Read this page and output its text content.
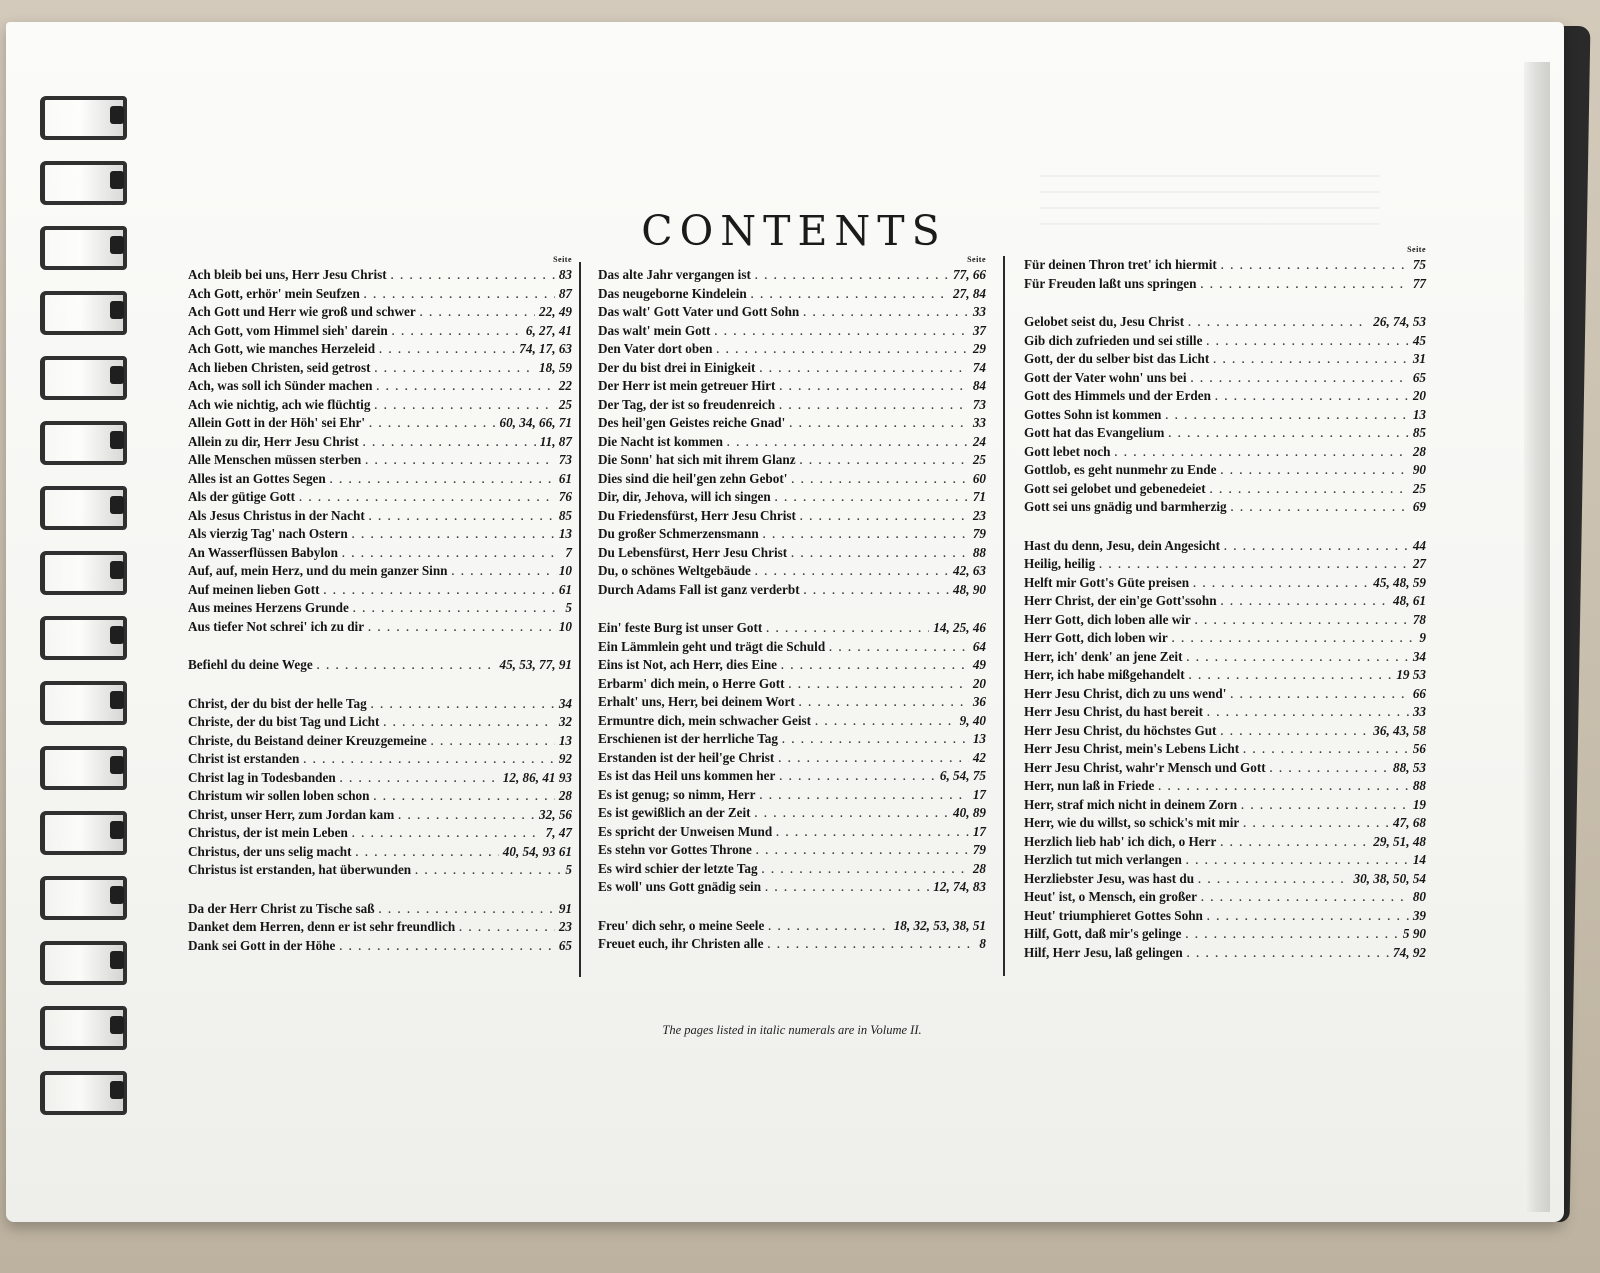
CONTENTS
Seite
Ach bleib bei uns, Herr Jesu Christ . . .	83
Ach Gott, erhör' mein Seufzen . . .	87
Ach Gott und Herr wie groß und schwer . . .	22, 49
Ach Gott, vom Himmel sieh' darein . . .	6, 27, 41
Ach Gott, wie manches Herzeleid . . .	74, 17, 63
Ach lieben Christen, seid getrost . . .	18, 59
Ach, was soll ich Sünder machen . . .	22
Ach wie nichtig, ach wie flüchtig . . .	25
Allein Gott in der Höh' sei Ehr' . . .	60, 34, 66, 71
Allein zu dir, Herr Jesu Christ . . .	11, 87
Alle Menschen müssen sterben . . .	73
Alles ist an Gottes Segen . . .	61
Als der gütige Gott . . .	76
Als Jesus Christus in der Nacht . . .	85
Als vierzig Tag' nach Ostern . . .	13
An Wasserflüssen Babylon . . .	7
Auf, auf, mein Herz, und du mein ganzer Sinn . . .	10
Auf meinen lieben Gott . . .	61
Aus meines Herzens Grunde . . .	5
Aus tiefer Not schrei' ich zu dir . . .	10
Befiehl du deine Wege . . .	45, 53, 77, 91
Christ, der du bist der helle Tag . . .	34
Christe, der du bist Tag und Licht . . .	32
Christe, du Beistand deiner Kreuzgemeine . . .	13
Christ ist erstanden . . .	92
Christ lag in Todesbanden . . .	12, 86, 41 93
Christum wir sollen loben schon . . .	28
Christ, unser Herr, zum Jordan kam . . .	32, 56
Christus, der ist mein Leben . . .	7, 47
Christus, der uns selig macht . . .	40, 54, 93 61
Christus ist erstanden, hat überwunden . . .	5
Da der Herr Christ zu Tische saß . . .	91
Danket dem Herren, denn er ist sehr freundlich . . .	23
Dank sei Gott in der Höhe . . .	65
Seite
Das alte Jahr vergangen ist . . .	77, 66
Das neugeborne Kindelein . . .	27, 84
Das walt' Gott Vater und Gott Sohn . . .	33
Das walt' mein Gott . . .	37
Den Vater dort oben . . .	29
Der du bist drei in Einigkeit . . .	74
Der Herr ist mein getreuer Hirt . . .	84
Der Tag, der ist so freudenreich . . .	73
Des heil'gen Geistes reiche Gnad' . . .	33
Die Nacht ist kommen . . .	24
Die Sonn' hat sich mit ihrem Glanz . . .	25
Dies sind die heil'gen zehn Gebot' . . .	60
Dir, dir, Jehova, will ich singen . . .	71
Du Friedensfürst, Herr Jesu Christ . . .	23
Du großer Schmerzensmann . . .	79
Du Lebensfürst, Herr Jesu Christ . . .	88
Du, o schönes Weltgebäude . . .	42, 63
Durch Adams Fall ist ganz verderbt . . .	48, 90
Ein' feste Burg ist unser Gott . . .	14, 25, 46
Ein Lämmlein geht und trägt die Schuld . . .	64
Eins ist Not, ach Herr, dies Eine . . .	49
Erbarm' dich mein, o Herre Gott . . .	20
Erhalt' uns, Herr, bei deinem Wort . . .	36
Ermuntre dich, mein schwacher Geist . . .	9, 40
Erschienen ist der herrliche Tag . . .	13
Erstanden ist der heil'ge Christ . . .	42
Es ist das Heil uns kommen her . . .	6, 54, 75
Es ist genug; so nimm, Herr . . .	17
Es ist gewißlich an der Zeit . . .	40, 89
Es spricht der Unweisen Mund . . .	17
Es stehn vor Gottes Throne . . .	79
Es wird schier der letzte Tag . . .	28
Es woll' uns Gott gnädig sein . . .	12, 74, 83
Freu' dich sehr, o meine Seele . . .	18, 32, 53, 38, 51
Freuet euch, ihr Christen alle . . .	8
Seite
Für deinen Thron tret' ich hiermit . . .	75
Für Freuden laßt uns springen . . .	77
Gelobet seist du, Jesu Christ . . .	26, 74, 53
Gib dich zufrieden und sei stille . . .	45
Gott, der du selber bist das Licht . . .	31
Gott der Vater wohn' uns bei . . .	65
Gott des Himmels und der Erden . . .	20
Gottes Sohn ist kommen . . .	13
Gott hat das Evangelium . . .	85
Gott lebet noch . . .	28
Gottlob, es geht nunmehr zu Ende . . .	90
Gott sei gelobet und gebenedeiet . . .	25
Gott sei uns gnädig und barmherzig . . .	69
Hast du denn, Jesu, dein Angesicht . . .	44
Heilig, heilig . . .	27
Helft mir Gott's Güte preisen . . .	45, 48, 59
Herr Christ, der ein'ge Gott'ssohn . . .	48, 61
Herr Gott, dich loben alle wir . . .	78
Herr Gott, dich loben wir . . .	9
Herr, ich' denk' an jene Zeit . . .	34
Herr, ich habe mißgehandelt . . .	19 53
Herr Jesu Christ, dich zu uns wend' . . .	66
Herr Jesu Christ, du hast bereit . . .	33
Herr Jesu Christ, du höchstes Gut . . .	36, 43, 58
Herr Jesu Christ, mein's Lebens Licht . . .	56
Herr Jesu Christ, wahr'r Mensch und Gott . . .	88, 53
Herr, nun laß in Friede . . .	88
Herr, straf mich nicht in deinem Zorn . . .	19
Herr, wie du willst, so schick's mit mir . . .	47, 68
Herzlich lieb hab' ich dich, o Herr . . .	29, 51, 48
Herzlich tut mich verlangen . . .	14
Herzliebster Jesu, was hast du . . .	30, 38, 50, 54
Heut' ist, o Mensch, ein großer . . .	80
Heut' triumphieret Gottes Sohn . . .	39
Hilf, Gott, daß mir's gelinge . . .	5 90
Hilf, Herr Jesu, laß gelingen . . .	74, 92
The pages listed in italic numerals are in Volume II.
